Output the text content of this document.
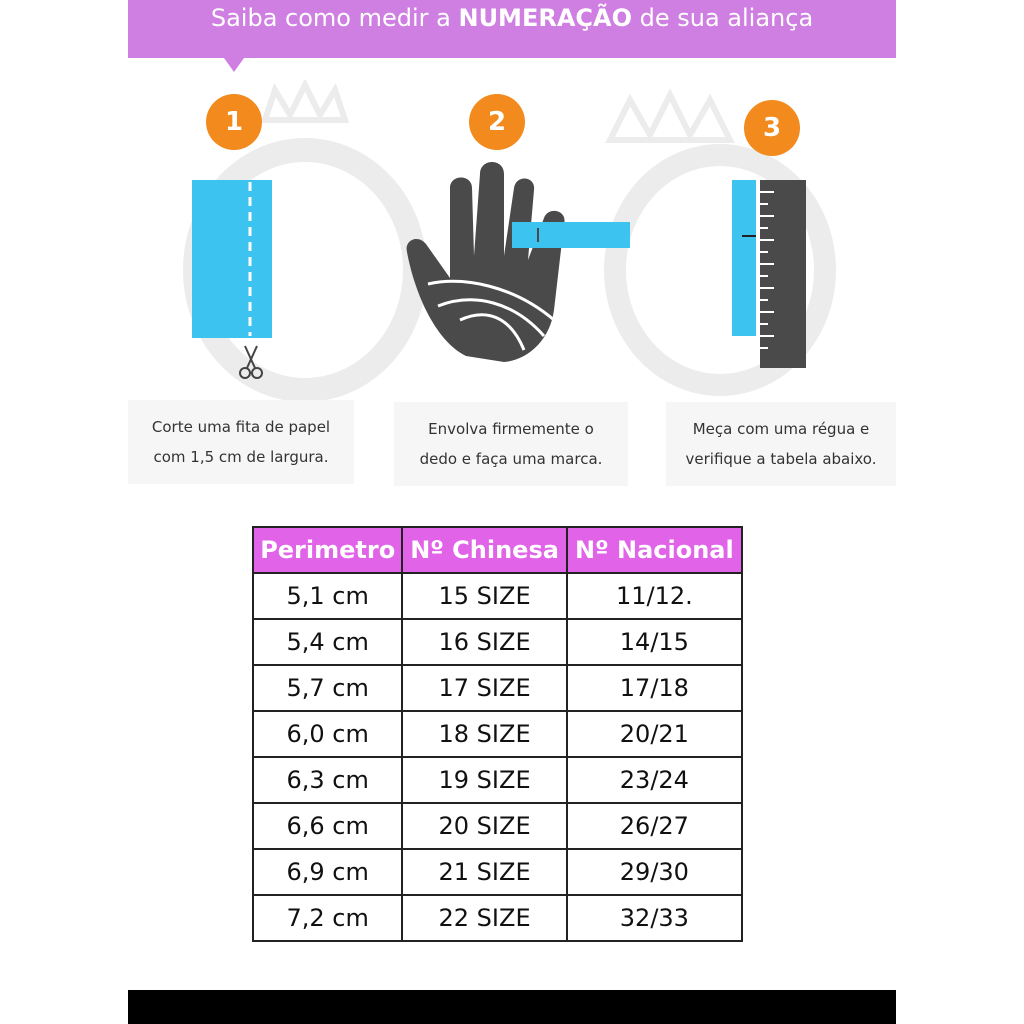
Saiba como medir a NUMERAÇÃO de sua aliança
1	2	3
Corte uma fita de papel
com 1,5 cm de largura.
Envolva firmemente o
dedo e faça uma marca.
Meça com uma régua e
verifique a tabela abaixo.
Perimetro	Nº Chinesa	Nº Nacional
5,1 cm	15 SIZE	11/12.
5,4 cm	16 SIZE	14/15
5,7 cm	17 SIZE	17/18
6,0 cm	18 SIZE	20/21
6,3 cm	19 SIZE	23/24
6,6 cm	20 SIZE	26/27
6,9 cm	21 SIZE	29/30
7,2 cm	22 SIZE	32/33
